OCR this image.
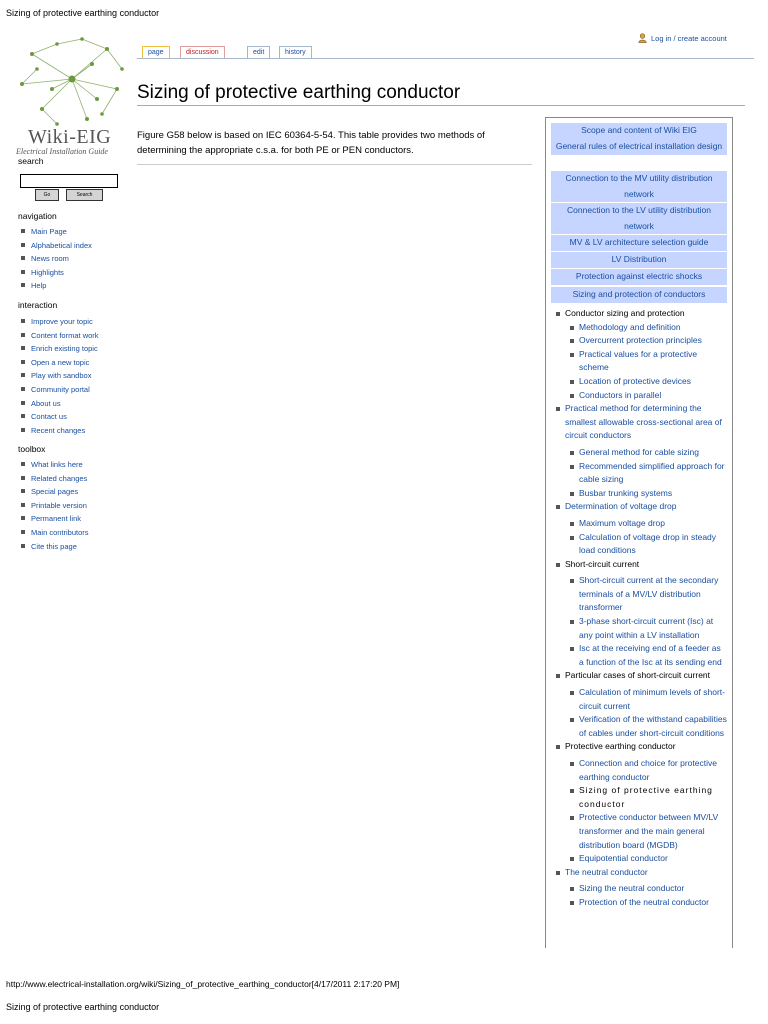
Sizing of protective earthing conductor
Wiki-EIG
Electrical Installation Guide
search
Go	Search
navigation
Main Page
Alphabetical index
News room
Highlights
Help
interaction
Improve your topic
Content format work
Enrich existing topic
Open a new topic
Play with sandbox
Community portal
About us
Contact us
Recent changes
toolbox
What links here
Related changes
Special pages
Printable version
Permanent link
Main contributors
Cite this page
page	discussion	edit	history
Log in / create account
Sizing of protective earthing conductor

Figure G58 below is based on IEC 60364-5-54. This table provides two methods of determining the appropriate c.s.a. for both PE or PEN conductors.

Scope and content of Wiki EIG
General rules of electrical installation design
Connection to the MV utility distribution network
Connection to the LV utility distribution network
MV & LV architecture selection guide
LV Distribution
Protection against electric shocks
Sizing and protection of conductors
Conductor sizing and protection
Methodology and definition
Overcurrent protection principles
Practical values for a protective scheme
Location of protective devices
Conductors in parallel
Practical method for determining the smallest allowable cross-sectional area of circuit conductors
General method for cable sizing
Recommended simplified approach for cable sizing
Busbar trunking systems
Determination of voltage drop
Maximum voltage drop
Calculation of voltage drop in steady load conditions
Short-circuit current
Short-circuit current at the secondary terminals of a MV/LV distribution transformer
3-phase short-circuit current (Isc) at any point within a LV installation
Isc at the receiving end of a feeder as a function of the Isc at its sending end
Particular cases of short-circuit current
Calculation of minimum levels of short-circuit current
Verification of the withstand capabilities of cables under short-circuit conditions
Protective earthing conductor
Connection and choice for protective earthing conductor
Sizing of protective earthing conductor
Protective conductor between MV/LV transformer and the main general distribution board (MGDB)
Equipotential conductor
The neutral conductor
Sizing the neutral conductor
Protection of the neutral conductor
http://www.electrical-installation.org/wiki/Sizing_of_protective_earthing_conductor[4/17/2011 2:17:20 PM]
Sizing of protective earthing conductor
